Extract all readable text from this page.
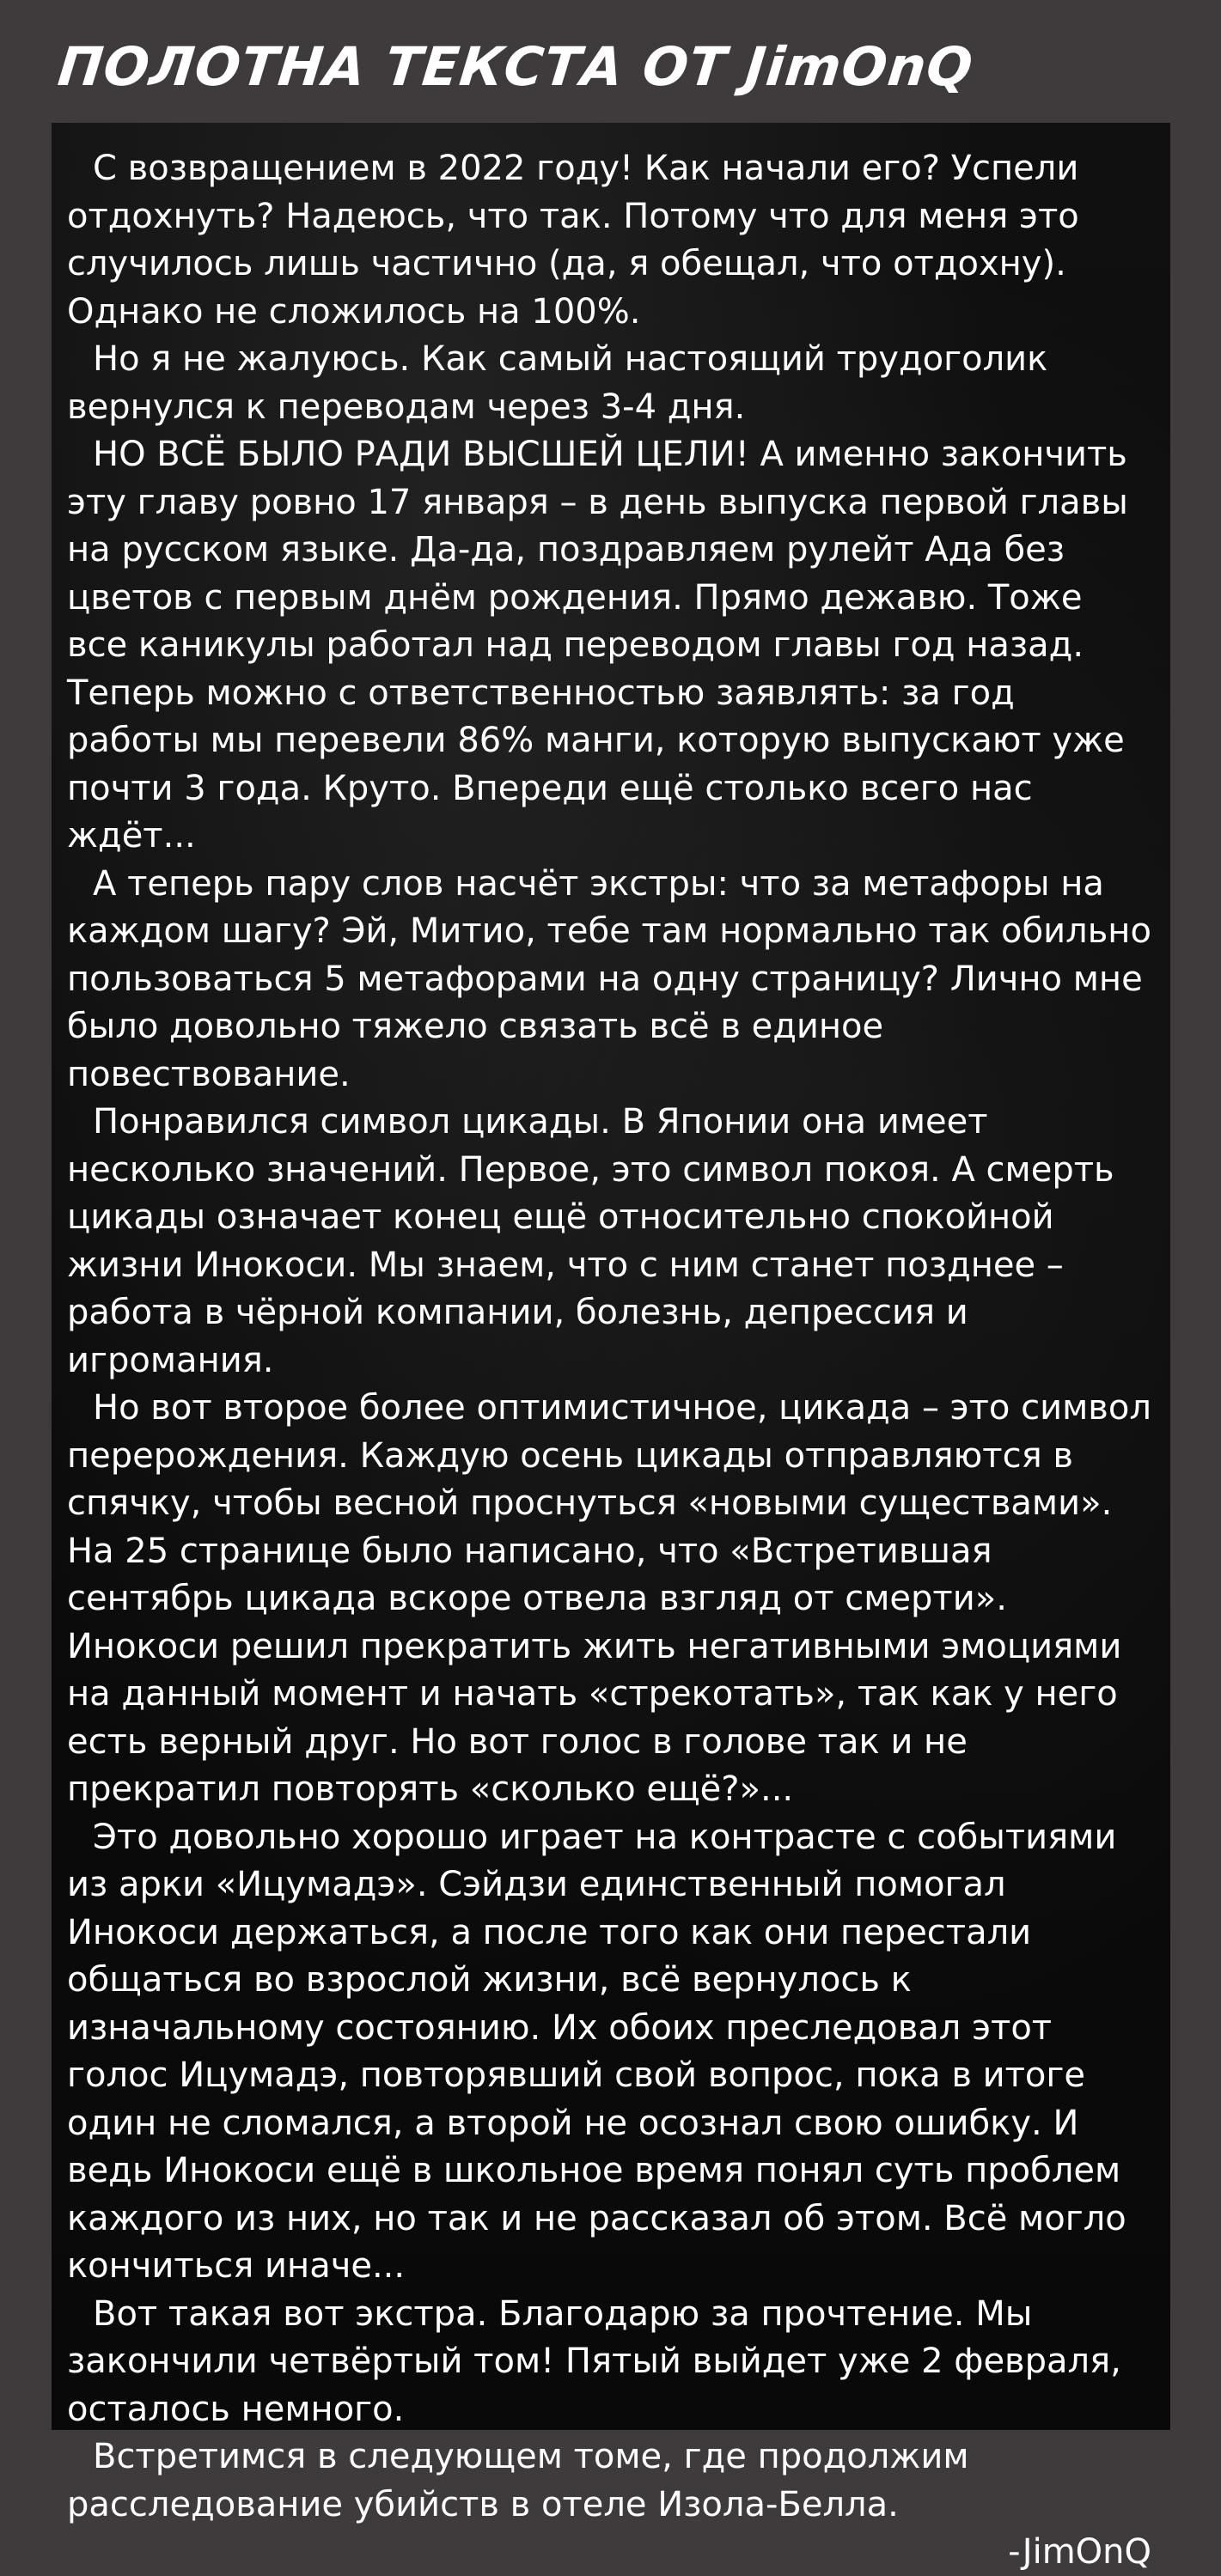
ПОЛОТНА ТЕКСТА ОТ JimOnQ

С возвращением в 2022 году! Как начали его? Успели отдохнуть? Надеюсь, что так. Потому что для меня это случилось лишь частично (да, я обещал, что отдохну). Однако не сложилось на 100%.

Но я не жалуюсь. Как самый настоящий трудоголик вернулся к переводам через 3-4 дня.

НО ВСЁ БЫЛО РАДИ ВЫСШЕЙ ЦЕЛИ! А именно закончить эту главу ровно 17 января – в день выпуска первой главы на русском языке. Да-да, поздравляем рулейт Ада без цветов с первым днём рождения. Прямо дежавю. Тоже все каникулы работал над переводом главы год назад. Теперь можно с ответственностью заявлять: за год работы мы перевели 86% манги, которую выпускают уже почти 3 года. Круто. Впереди ещё столько всего нас ждёт...

А теперь пару слов насчёт экстры: что за метафоры на каждом шагу? Эй, Митио, тебе там нормально так обильно пользоваться 5 метафорами на одну страницу? Лично мне было довольно тяжело связать всё в единое повествование.

Понравился символ цикады. В Японии она имеет несколько значений. Первое, это символ покоя. А смерть цикады означает конец ещё относительно спокойной жизни Инокоси. Мы знаем, что с ним станет позднее – работа в чёрной компании, болезнь, депрессия и игромания.

Но вот второе более оптимистичное, цикада – это символ перерождения. Каждую осень цикады отправляются в спячку, чтобы весной проснуться «новыми существами». На 25 странице было написано, что «Встретившая сентябрь цикада вскоре отвела взгляд от смерти». Инокоси решил прекратить жить негативными эмоциями на данный момент и начать «стрекотать», так как у него есть верный друг. Но вот голос в голове так и не прекратил повторять «сколько ещё?»...

Это довольно хорошо играет на контрасте с событиями из арки «Ицумадэ». Сэйдзи единственный помогал Инокоси держаться, а после того как они перестали общаться во взрослой жизни, всё вернулось к изначальному состоянию. Их обоих преследовал этот голос Ицумадэ, повторявший свой вопрос, пока в итоге один не сломался, а второй не осознал свою ошибку. И ведь Инокоси ещё в школьное время понял суть проблем каждого из них, но так и не рассказал об этом. Всё могло кончиться иначе...

Вот такая вот экстра. Благодарю за прочтение. Мы закончили четвёртый том! Пятый выйдет уже 2 февраля, осталось немного.

Встретимся в следующем томе, где продолжим расследование убийств в отеле Изола-Белла.

-JimOnQ
